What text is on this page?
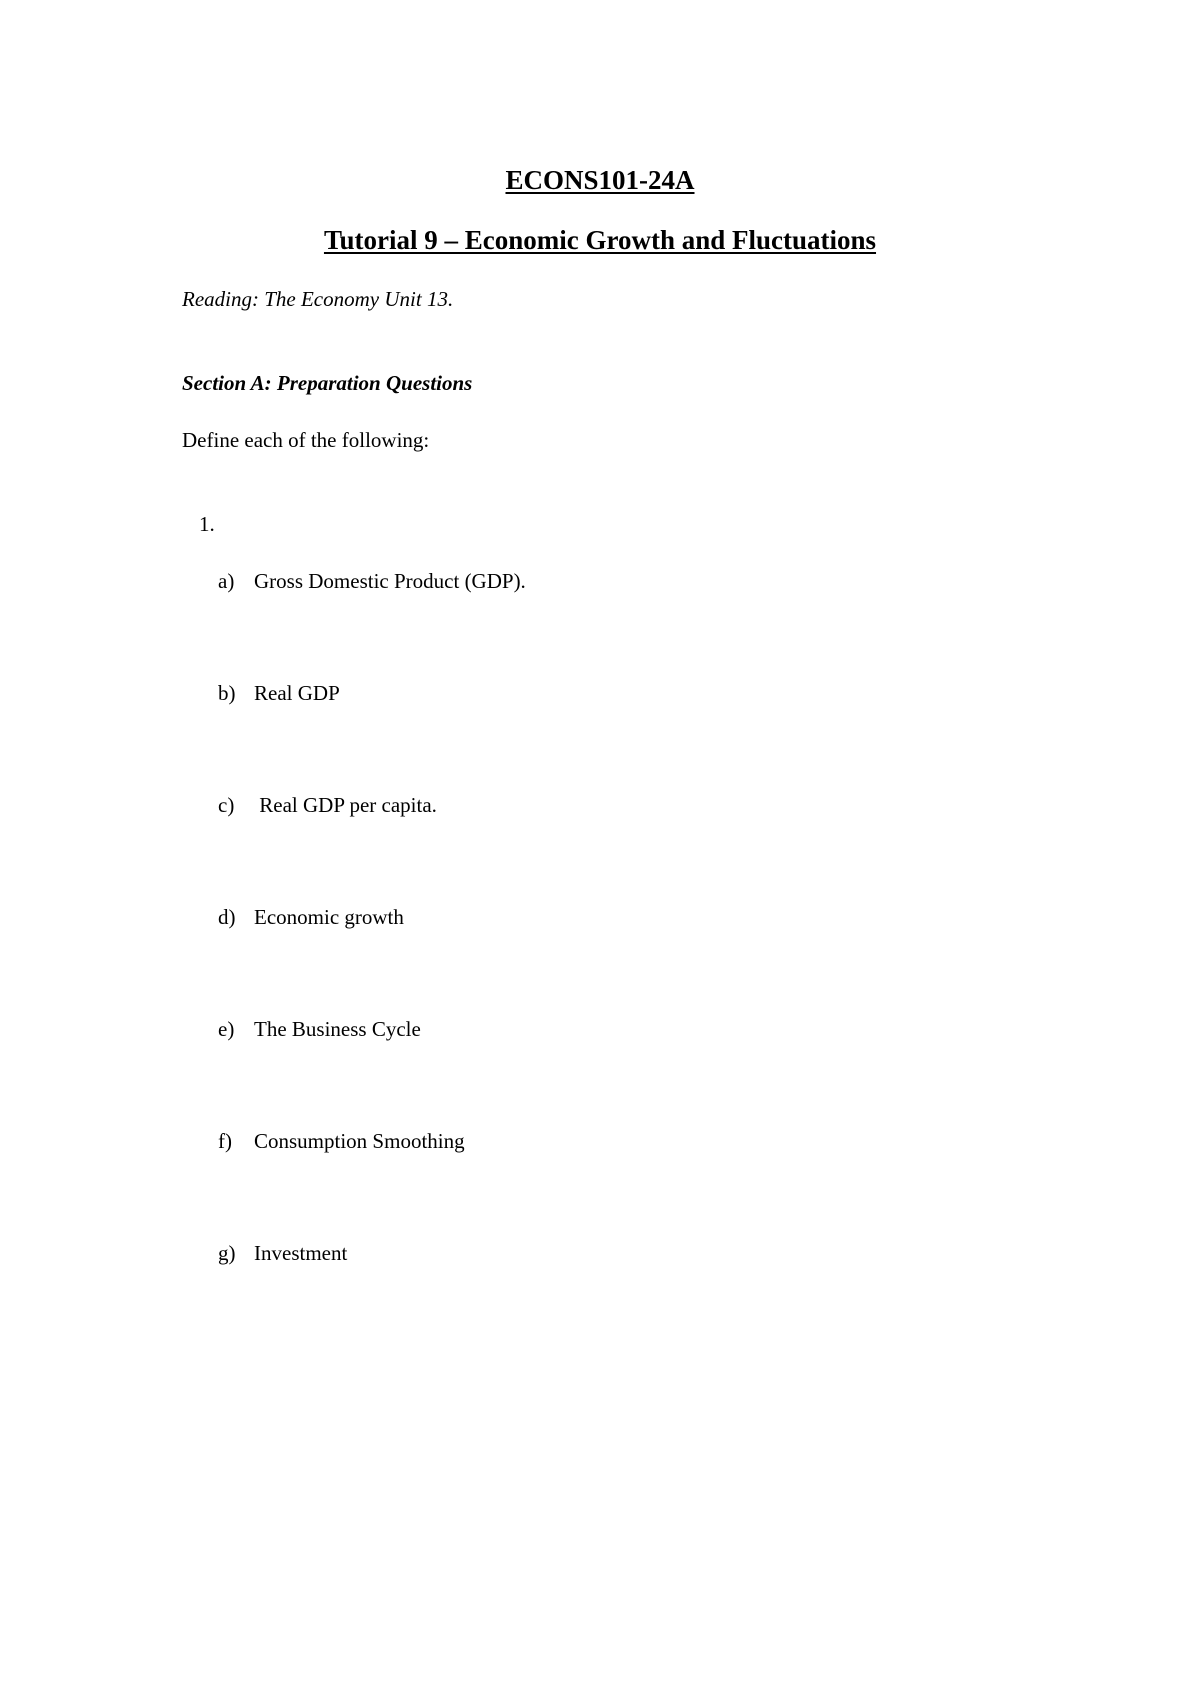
ECONS101-24A
Tutorial 9 – Economic Growth and Fluctuations
Reading: The Economy Unit 13.
Section A: Preparation Questions
Define each of the following:
1.
a) Gross Domestic Product (GDP).
b) Real GDP
c) Real GDP per capita.
d) Economic growth
e) The Business Cycle
f) Consumption Smoothing
g) Investment
